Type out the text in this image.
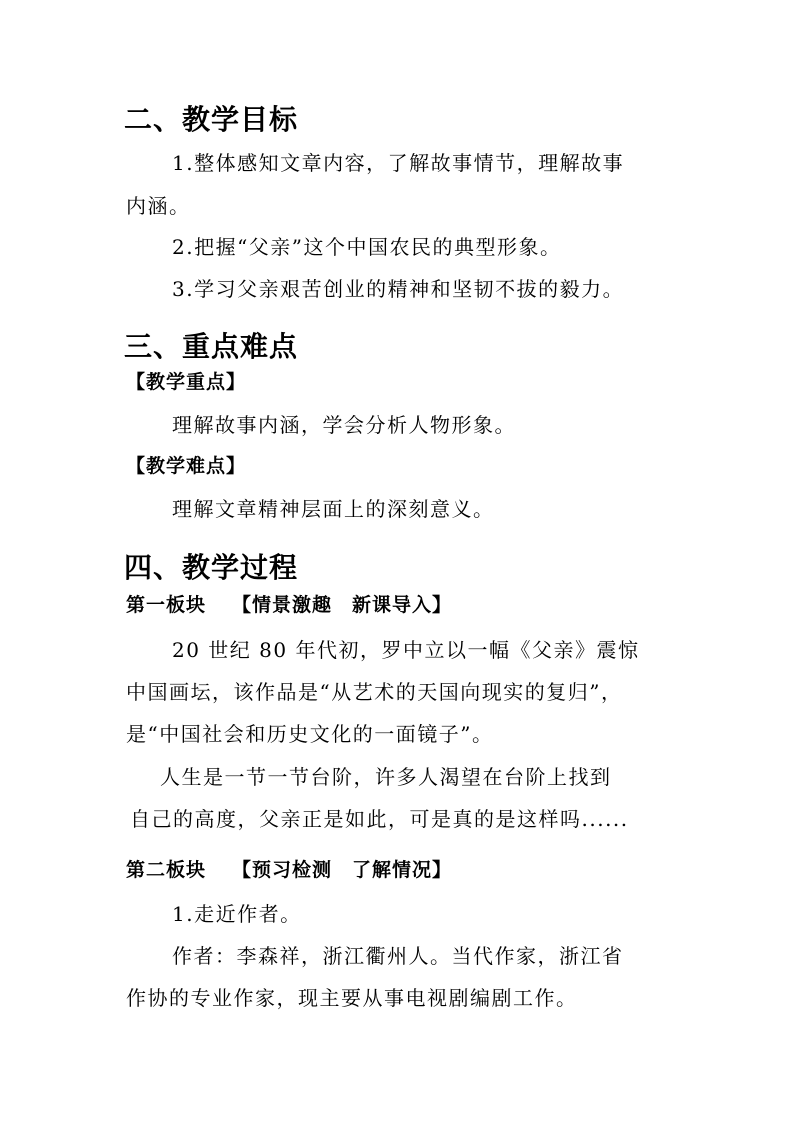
二、教学目标
1.整体感知文章内容，了解故事情节，理解故事
内涵。
2.把握“父亲”这个中国农民的典型形象。
3.学习父亲艰苦创业的精神和坚韧不拔的毅力。
三、重点难点
【教学重点】
理解故事内涵，学会分析人物形象。
【教学难点】
理解文章精神层面上的深刻意义。
四、教学过程
第一板块 【情景激趣　新课导入】
20 世纪 80 年代初，罗中立以一幅《父亲》震惊
中国画坛，该作品是“从艺术的天国向现实的复归”，
是“中国社会和历史文化的一面镜子”。
人生是一节一节台阶，许多人渴望在台阶上找到
自己的高度，父亲正是如此，可是真的是这样吗......
第二板块 【预习检测　了解情况】
1.走近作者。
作者：李森祥，浙江衢州人。当代作家，浙江省
作协的专业作家，现主要从事电视剧编剧工作。
